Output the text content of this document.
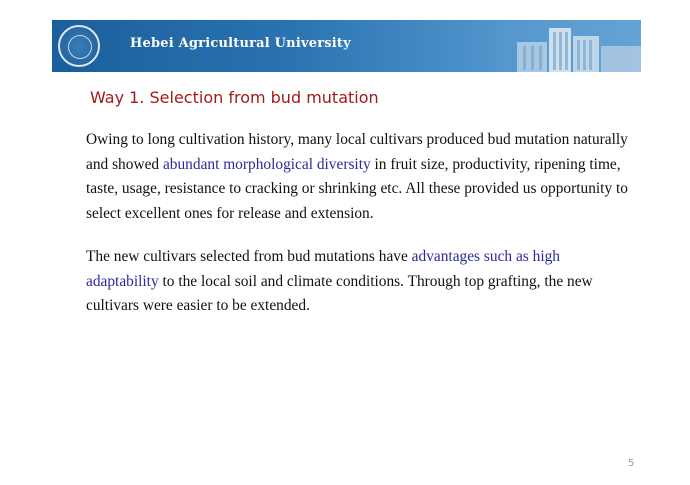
Hebei Agricultural University
Way 1. Selection from bud mutation

Owing to long cultivation history, many local cultivars produced bud mutation naturally and showed abundant morphological diversity in fruit size, productivity, ripening time, taste, usage, resistance to cracking or shrinking etc. All these provided us opportunity to select excellent ones for release and extension.

The new cultivars selected from bud mutations have advantages such as high adaptability to the local soil and climate conditions. Through top grafting, the new cultivars were easier to be extended.

5
